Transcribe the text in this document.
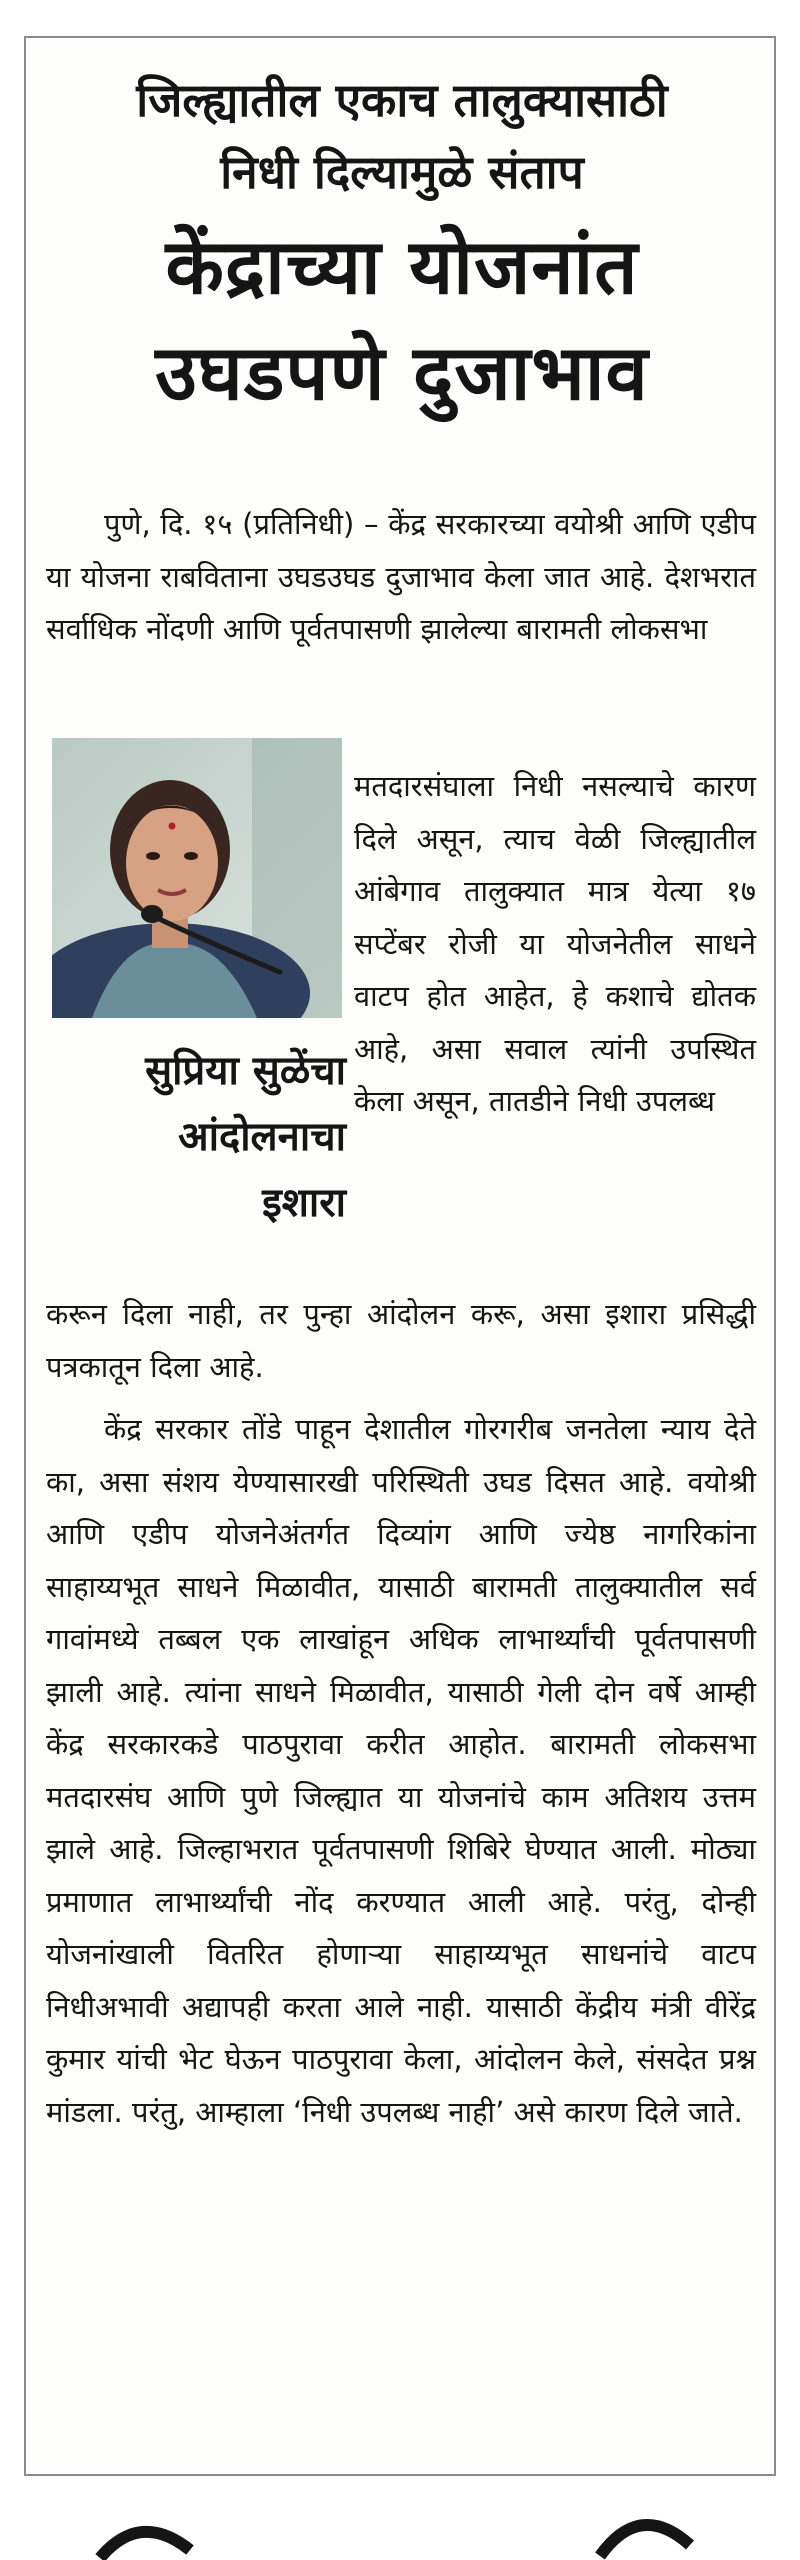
जिल्ह्यातील एकाच तालुक्यासाठी
निधी दिल्यामुळे संताप
केंद्राच्या योजनांत
उघडपणे दुजाभाव
पुणे, दि. १५ (प्रतिनिधी) – केंद्र सरकारच्या वयोश्री आणि एडीप या योजना राबविताना उघडउघड दुजाभाव केला जात आहे. देशभरात सर्वाधिक नोंदणी आणि पूर्वतपासणी झालेल्या बारामती लोकसभा
मतदारसंघाला निधी नसल्याचे कारण दिले असून, त्याच वेळी जिल्ह्यातील आंबेगाव तालुक्यात मात्र येत्या १७ सप्टेंबर रोजी या योजनेतील साधने वाटप होत आहेत, हे कशाचे द्योतक आहे, असा सवाल त्यांनी उपस्थित केला असून, तातडीने निधी उपलब्ध
सुप्रिया सुळेंचा
आंदोलनाचा
इशारा
करून दिला नाही, तर पुन्हा आंदोलन करू, असा इशारा प्रसिद्धी पत्रकातून दिला आहे.
केंद्र सरकार तोंडे पाहून देशातील गोरगरीब जनतेला न्याय देते का, असा संशय येण्यासारखी परिस्थिती उघड दिसत आहे. वयोश्री आणि एडीप योजनेअंतर्गत दिव्यांग आणि ज्येष्ठ नागरिकांना साहाय्यभूत साधने मिळावीत, यासाठी बारामती तालुक्यातील सर्व गावांमध्ये तब्बल एक लाखांहून अधिक लाभार्थ्यांची पूर्वतपासणी झाली आहे. त्यांना साधने मिळावीत, यासाठी गेली दोन वर्षे आम्ही केंद्र सरकारकडे पाठपुरावा करीत आहोत. बारामती लोकसभा मतदारसंघ आणि पुणे जिल्ह्यात या योजनांचे काम अतिशय उत्तम झाले आहे. जिल्हाभरात पूर्वतपासणी शिबिरे घेण्यात आली. मोठ्या प्रमाणात लाभार्थ्यांची नोंद करण्यात आली आहे. परंतु, दोन्ही योजनांखाली वितरित होणाऱ्या साहाय्यभूत साधनांचे वाटप निधीअभावी अद्यापही करता आले नाही. यासाठी केंद्रीय मंत्री वीरेंद्र कुमार यांची भेट घेऊन पाठपुरावा केला, आंदोलन केले, संसदेत प्रश्न मांडला. परंतु, आम्हाला ‘निधी उपलब्ध नाही’ असे कारण दिले जाते.
